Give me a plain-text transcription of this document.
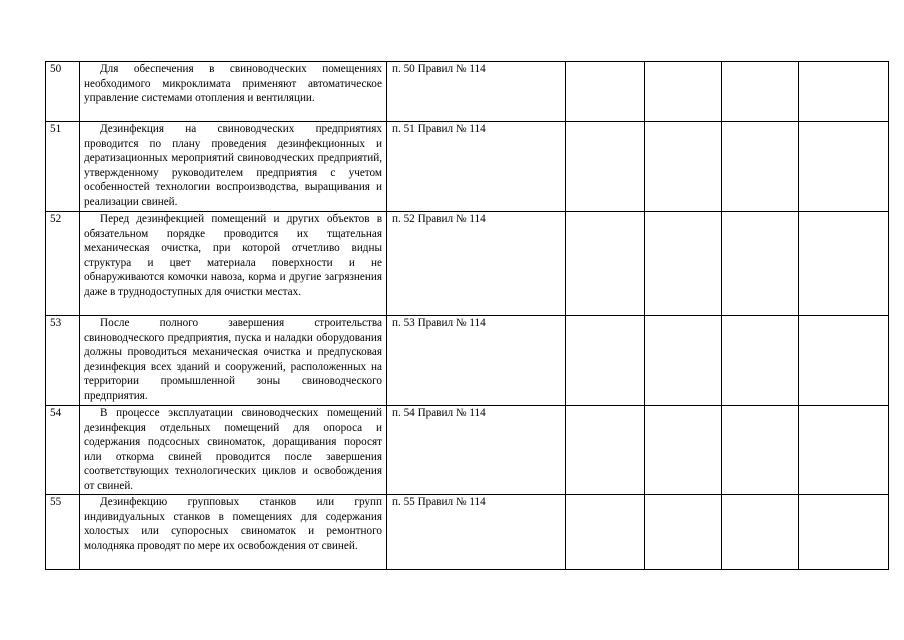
50	Для обеспечения в свиноводческих помещениях необходимого микроклимата применяют автоматическое управление системами отопления и вентиляции.	п. 50 Правил № 114				
51	Дезинфекция на свиноводческих предприятиях проводится по плану проведения дезинфекционных и дератизационных мероприятий свиноводческих предприятий, утвержденному руководителем предприятия с учетом особенностей технологии воспроизводства, выращивания и реализации свиней.	п. 51 Правил № 114				
52	Перед дезинфекцией помещений и других объектов в обязательном порядке проводится их тщательная механическая очистка, при которой отчетливо видны структура и цвет материала поверхности и не обнаруживаются комочки навоза, корма и другие загрязнения даже в труднодоступных для очистки местах.	п. 52 Правил № 114				
53	После полного завершения строительства свиноводческого предприятия, пуска и наладки оборудования должны проводиться механическая очистка и предпусковая дезинфекция всех зданий и сооружений, расположенных на территории промышленной зоны свиноводческого предприятия.	п. 53 Правил № 114				
54	В процессе эксплуатации свиноводческих помещений дезинфекция отдельных помещений для опороса и содержания подсосных свиноматок, доращивания поросят или откорма свиней проводится после завершения соответствующих технологических циклов и освобождения от свиней.	п. 54 Правил № 114				
55	Дезинфекцию групповых станков или групп индивидуальных станков в помещениях для содержания холостых или супоросных свиноматок и ремонтного молодняка проводят по мере их освобождения от свиней.	п. 55 Правил № 114				
